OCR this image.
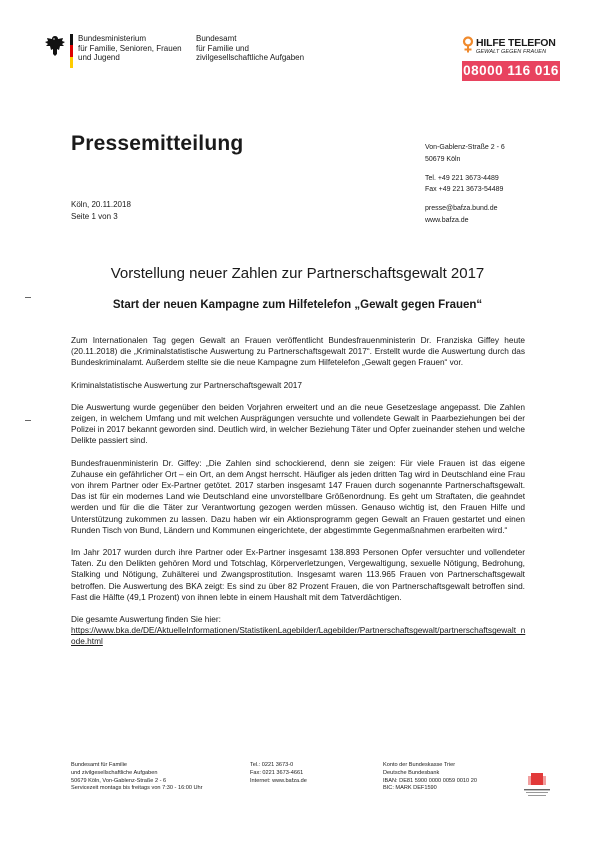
Bundesministerium
für Familie, Senioren, Frauen
und Jugend
Bundesamt
für Familie und
zivilgesellschaftliche Aufgaben
HILFE TELEFON
GEWALT GEGEN FRAUEN
08000 116 016
Pressemitteilung
Köln, 20.11.2018
Seite 1 von 3
Von-Gablenz-Straße 2 - 6
50679 Köln
Tel. +49 221 3673-4489
Fax +49 221 3673-54489
presse@bafza.bund.de
www.bafza.de
Vorstellung neuer Zahlen zur Partnerschaftsgewalt 2017
Start der neuen Kampagne zum Hilfetelefon „Gewalt gegen Frauen“

Zum Internationalen Tag gegen Gewalt an Frauen veröffentlicht Bundesfrauenministerin Dr. Franziska Giffey heute (20.11.2018) die „Kriminalstatistische Auswertung zu Partnerschaftsgewalt 2017“. Erstellt wurde die Auswertung durch das Bundeskriminalamt. Außerdem stellte sie die neue Kampagne zum Hilfetelefon „Gewalt gegen Frauen“ vor.

Kriminalstatistische Auswertung zur Partnerschaftsgewalt 2017

Die Auswertung wurde gegenüber den beiden Vorjahren erweitert und an die neue Gesetzeslage angepasst. Die Zahlen zeigen, in welchem Umfang und mit welchen Ausprägungen versuchte und vollendete Gewalt in Paarbeziehungen bei der Polizei in 2017 bekannt geworden sind. Deutlich wird, in welcher Beziehung Täter und Opfer zueinander stehen und welche Delikte passiert sind.

Bundesfrauenministerin Dr. Giffey: „Die Zahlen sind schockierend, denn sie zeigen: Für viele Frauen ist das eigene Zuhause ein gefährlicher Ort – ein Ort, an dem Angst herrscht. Häufiger als jeden dritten Tag wird in Deutschland eine Frau von ihrem Partner oder Ex-Partner getötet. 2017 starben insgesamt 147 Frauen durch sogenannte Partnerschaftsgewalt. Das ist für ein modernes Land wie Deutschland eine unvorstellbare Größenordnung. Es geht um Straftaten, die geahndet werden und für die die Täter zur Verantwortung gezogen werden müssen. Genauso wichtig ist, den Frauen Hilfe und Unterstützung zukommen zu lassen. Dazu haben wir ein Aktionsprogramm gegen Gewalt an Frauen gestartet und einen Runden Tisch von Bund, Ländern und Kommunen eingerichtete, der abgestimmte Gegenmaßnahmen erarbeiten wird.“

Im Jahr 2017 wurden durch ihre Partner oder Ex-Partner insgesamt 138.893 Personen Opfer versuchter und vollendeter Taten. Zu den Delikten gehören Mord und Totschlag, Körperverletzungen, Vergewaltigung, sexuelle Nötigung, Bedrohung, Stalking und Nötigung, Zuhälterei und Zwangsprostitution. Insgesamt waren 113.965 Frauen von Partnerschaftsgewalt betroffen. Die Auswertung des BKA zeigt: Es sind zu über 82 Prozent Frauen, die von Partnerschaftsgewalt betroffen sind. Fast die Hälfte (49,1 Prozent) von ihnen lebte in einem Haushalt mit dem Tatverdächtigen.

Die gesamte Auswertung finden Sie hier:

https://www.bka.de/DE/AktuelleInformationen/StatistikenLagebilder/Lagebilder/Partnerschaftsgewalt/partnerschaftsgewalt_node.html

Bundesamt für Familie
und zivilgesellschaftliche Aufgaben
50679 Köln, Von-Gablenz-Straße 2 - 6
Servicezeit montags bis freitags von 7:30 - 16:00 Uhr
Tel.: 0221 3673-0
Fax: 0221 3673-4661
Internet: www.bafza.de
Konto der Bundeskasse Trier
Deutsche Bundesbank
IBAN: DE81 5900 0000 0059 0010 20
BIC: MARK DEF1590
